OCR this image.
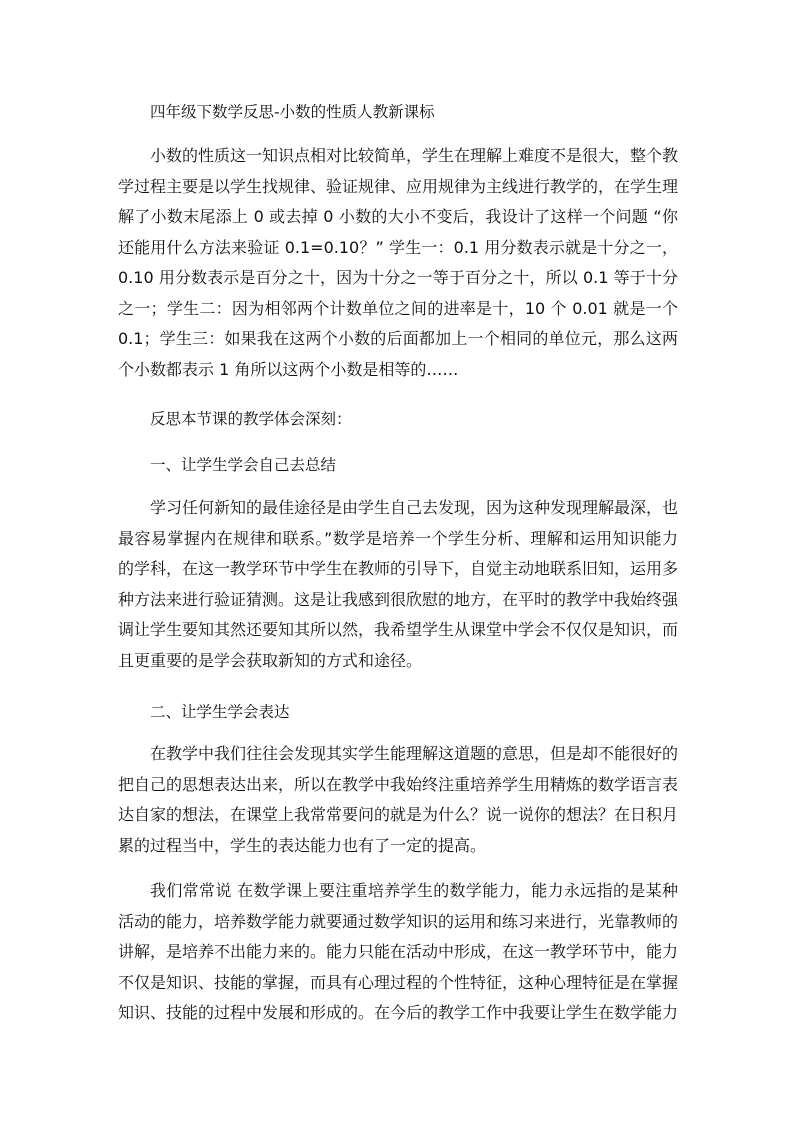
四年级下数学反思-小数的性质人教新课标

小数的性质这一知识点相对比较简单，学生在理解上难度不是很大，整个教学过程主要是以学生找规律、验证规律、应用规律为主线进行教学的，在学生理解了小数末尾添上 0 或去掉 0 小数的大小不变后，我设计了这样一个问题 “你还能用什么方法来验证 0.1=0.10？” 学生一：0.1 用分数表示就是十分之一，0.10 用分数表示是百分之十，因为十分之一等于百分之十，所以 0.1 等于十分之一；学生二：因为相邻两个计数单位之间的进率是十，10 个 0.01 就是一个 0.1；学生三：如果我在这两个小数的后面都加上一个相同的单位元，那么这两个小数都表示 1 角所以这两个小数是相等的……

反思本节课的教学体会深刻：

一、让学生学会自己去总结

学习任何新知的最佳途径是由学生自己去发现，因为这种发现理解最深，也最容易掌握内在规律和联系。”数学是培养一个学生分析、理解和运用知识能力的学科，在这一教学环节中学生在教师的引导下，自觉主动地联系旧知，运用多种方法来进行验证猜测。这是让我感到很欣慰的地方，在平时的教学中我始终强调让学生要知其然还要知其所以然，我希望学生从课堂中学会不仅仅是知识，而且更重要的是学会获取新知的方式和途径。

二、让学生学会表达

在教学中我们往往会发现其实学生能理解这道题的意思，但是却不能很好的把自己的思想表达出来，所以在教学中我始终注重培养学生用精炼的数学语言表达自家的想法，在课堂上我常常要问的就是为什么？说一说你的想法？在日积月累的过程当中，学生的表达能力也有了一定的提高。

我们常常说 在数学课上要注重培养学生的数学能力，能力永远指的是某种活动的能力，培养数学能力就要通过数学知识的运用和练习来进行，光靠教师的讲解，是培养不出能力来的。能力只能在活动中形成，在这一教学环节中，能力不仅是知识、技能的掌握，而具有心理过程的个性特征，这种心理特征是在掌握知识、技能的过程中发展和形成的。在今后的教学工作中我要让学生在数学能力
